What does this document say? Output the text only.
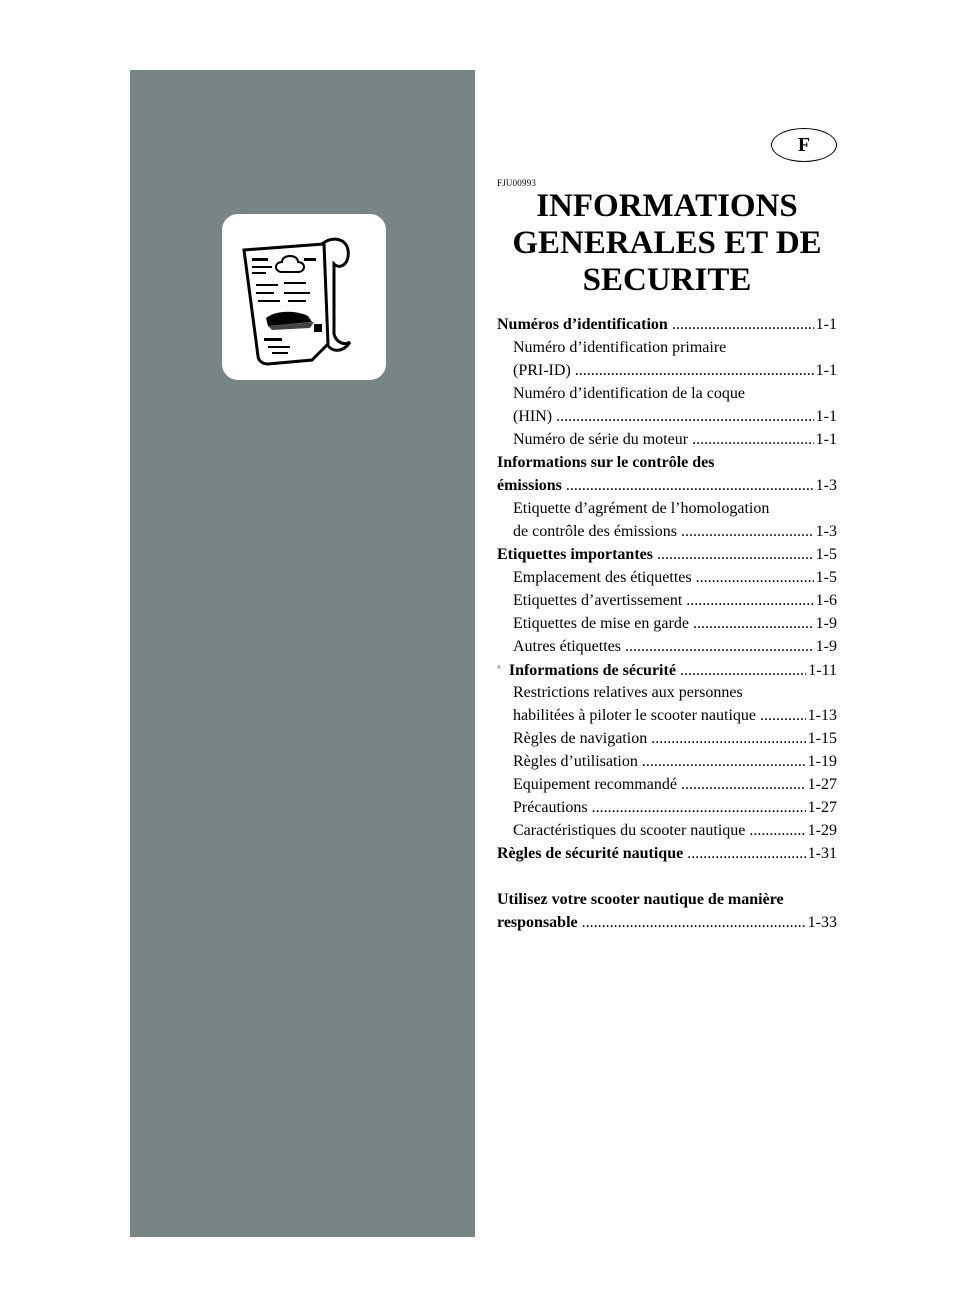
F
FJU00993
INFORMATIONS
GENERALES ET DE
SECURITE
Numéros d’identification .....	1-1
Numéro d’identification primaire
(PRI-ID) .....	1-1
Numéro d’identification de la coque
(HIN) .....	1-1
Numéro de série du moteur .....	1-1
Informations sur le contrôle des
émissions .....	1-3
Etiquette d’agrément de l’homologation
de contrôle des émissions .....	1-3
Etiquettes importantes .....	1-5
Emplacement des étiquettes .....	1-5
Etiquettes d’avertissement .....	1-6
Etiquettes de mise en garde .....	1-9
Autres étiquettes .....	1-9
Informations de sécurité .....	1-11
Restrictions relatives aux personnes
habilitées à piloter le scooter nautique .....	1-13
Règles de navigation .....	1-15
Règles d’utilisation .....	1-19
Equipement recommandé .....	1-27
Précautions .....	1-27
Caractéristiques du scooter nautique .....	1-29
Règles de sécurité nautique .....	1-31
Utilisez votre scooter nautique de manière
responsable .....	1-33
